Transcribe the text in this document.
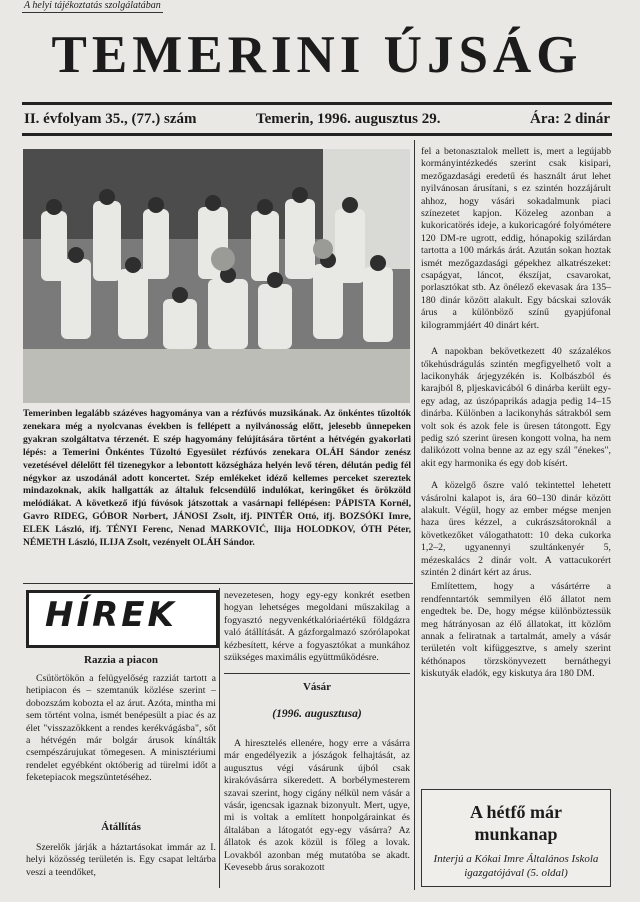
A helyi tájékoztatás szolgálatában
TEMERINI ÚJSÁG
II. évfolyam 35., (77.) szám	Temerin, 1996. augusztus 29.	Ára: 2 dinár
Temerinben legalább százéves hagyománya van a rézfúvós muzsikának. Az önkéntes tűzoltók zenekara még a nyolcvanas években is fellépett a nyilvánosság előtt, jelesebb ünnepeken gyakran szolgáltatva térzenét. E szép hagyomány felújítására történt a hétvégén gyakorlati lépés: a Temerini Önkéntes Tűzoltó Egyesület rézfúvós zenekara OLÁH Sándor zenész vezetésével délelőtt fél tizenegykor a lebontott községháza helyén levő téren, délután pedig fél négykor az uszodánál adott koncertet. Szép emlékeket idéző kellemes perceket szereztek mindazoknak, akik hallgatták az általuk felcsendülő indulókat, keringőket és örökzöld melódiákat. A következő ifjú fúvósok játszottak a vasárnapi fellépésen: PÁPISTA Kornél, Gavro RIDEG, GÓBOR Norbert, JÁNOSI Zsolt, ifj. PINTÉR Ottó, ifj. BOZSÓKI Imre, ELEK László, ifj. TÉNYI Ferenc, Nenad MARKOVIĆ, Ilija HOLODKOV, ÓTH Péter, NÉMETH László, ILIJA Zsolt, vezényelt OLÁH Sándor.

fel a betonasztalok mellett is, mert a legújabb kormányintézkedés szerint csak kisipari, mezőgazdasági eredetű és használt árut lehet nyilvánosan árusítani, s ez szintén hozzájárult ahhoz, hogy vásári sokadalmunk piaci színezetet kapjon. Közeleg azonban a kukoricatörés ideje, a kukoricagóré folyóméterе 120 DM-re ugrott, eddig, hónapokig szilárdan tartotta a 100 márkás árát. Azután sokan hoztak ismét mezőgazdasági gépekhez alkatrészeket: csapágyat, láncot, ékszíjat, csavarokat, porlasztókat stb. Az önélező ekevasak ára 135–180 dinár között alakult. Egy bácskai szlovák árus a különböző színű gyapjúfonal kilogrammjáért 40 dinárt kért.

A napokban bekövetkezett 40 százalékos tőkehúsdrágulás szintén megfigyelhető volt a lacikonyhák árjegyzékén is. Kolbászból és karajból 8, pljeskavicából 6 dinárba került egy-egy adag, az úszópaprikás adagja pedig 14–15 dinárba. Különben a lacikonyhás sátrakból sem volt sok és azok fele is üresen tátongott. Egy pedig szó szerint üresen kongott volna, ha nem dalikózott volna benne az az egy szál "énekes", akit egy harmonika és egy dob kísért.

A közelgő őszre való tekintettel lehetett vásárolni kalapot is, ára 60–130 dinár között alakult. Végül, hogy az ember mégse menjen haza üres kézzel, a cukrászsátoroknál a következőket válogathatott: 10 deka cukorka 1,2–2, ugyanennyi szultánkenyér 5, mézeskalács 2 dinár volt. A vattacukorért szintén 2 dinárt kért az árus.

Említettem, hogy a vásártérre a rendfenntartók semmilyen élő állatot nem engedtek be. De, hogy mégse különböztessük meg hátrányosan az élő állatokat, itt közlöm annak a feliratnak a tartalmát, amely a vásár területén volt kifüggesztve, s amely szerint kéthónapos törzskönyvezett bernáthegyi kiskutyák eladók, egy kiskutya ára 180 DM.

HÍREK
Razzia a piacon

Csütörtökön a felügyelőség razziát tartott a hetipiacon és – szemtanúk közlése szerint – dobozszám kobozta el az árut. Azóta, mintha mi sem történt volna, ismét benépesült a piac és az élet "visszazökkent a rendes kerékvágásba", sőt a hétvégén már bolgár árusok kínálták csempészárujukat tömegesen. A minisztériumi rendelet egyébként októberig ad türelmi időt a feketepiacok megszüntetéséhez.

Átállítás

Szerelők járják a háztartásokat immár az I. helyi közösség területén is. Egy csapat leltárba veszi a teendőket,

nevezetesen, hogy egy-egy konkrét esetben hogyan lehetséges megoldani műszakilag a fogyasztó negyvenkétkalóriaértékű földgázra való átállítását. A gázforgalmazó szórólapokat kézbesített, kérve a fogyasztókat a munkához szükséges maximális együttműködésre.

Vásár
(1996. augusztusa)

A hiresztelés ellenére, hogy erre a vásárra már engedélyezik a jószágok felhajtását, az augusztus végi vásárunk újból csak kirakóvásárra sikeredett. A borbélymesterem szavai szerint, hogy cigány nélkül nem vásár a vásár, igencsak igaznak bizonyult. Mert, ugye, mi is voltak a említett honpolgárainkat és általában a látogatót egy-egy vásárra? Az állatok és azok közül is főleg a lovak. Lovakból azonban még mutatóba se akadt. Kevesebb árus sorakozott

A hétfő már
munkanap
Interjú a Kókai Imre Általános Iskola igazgatójával (5. oldal)
